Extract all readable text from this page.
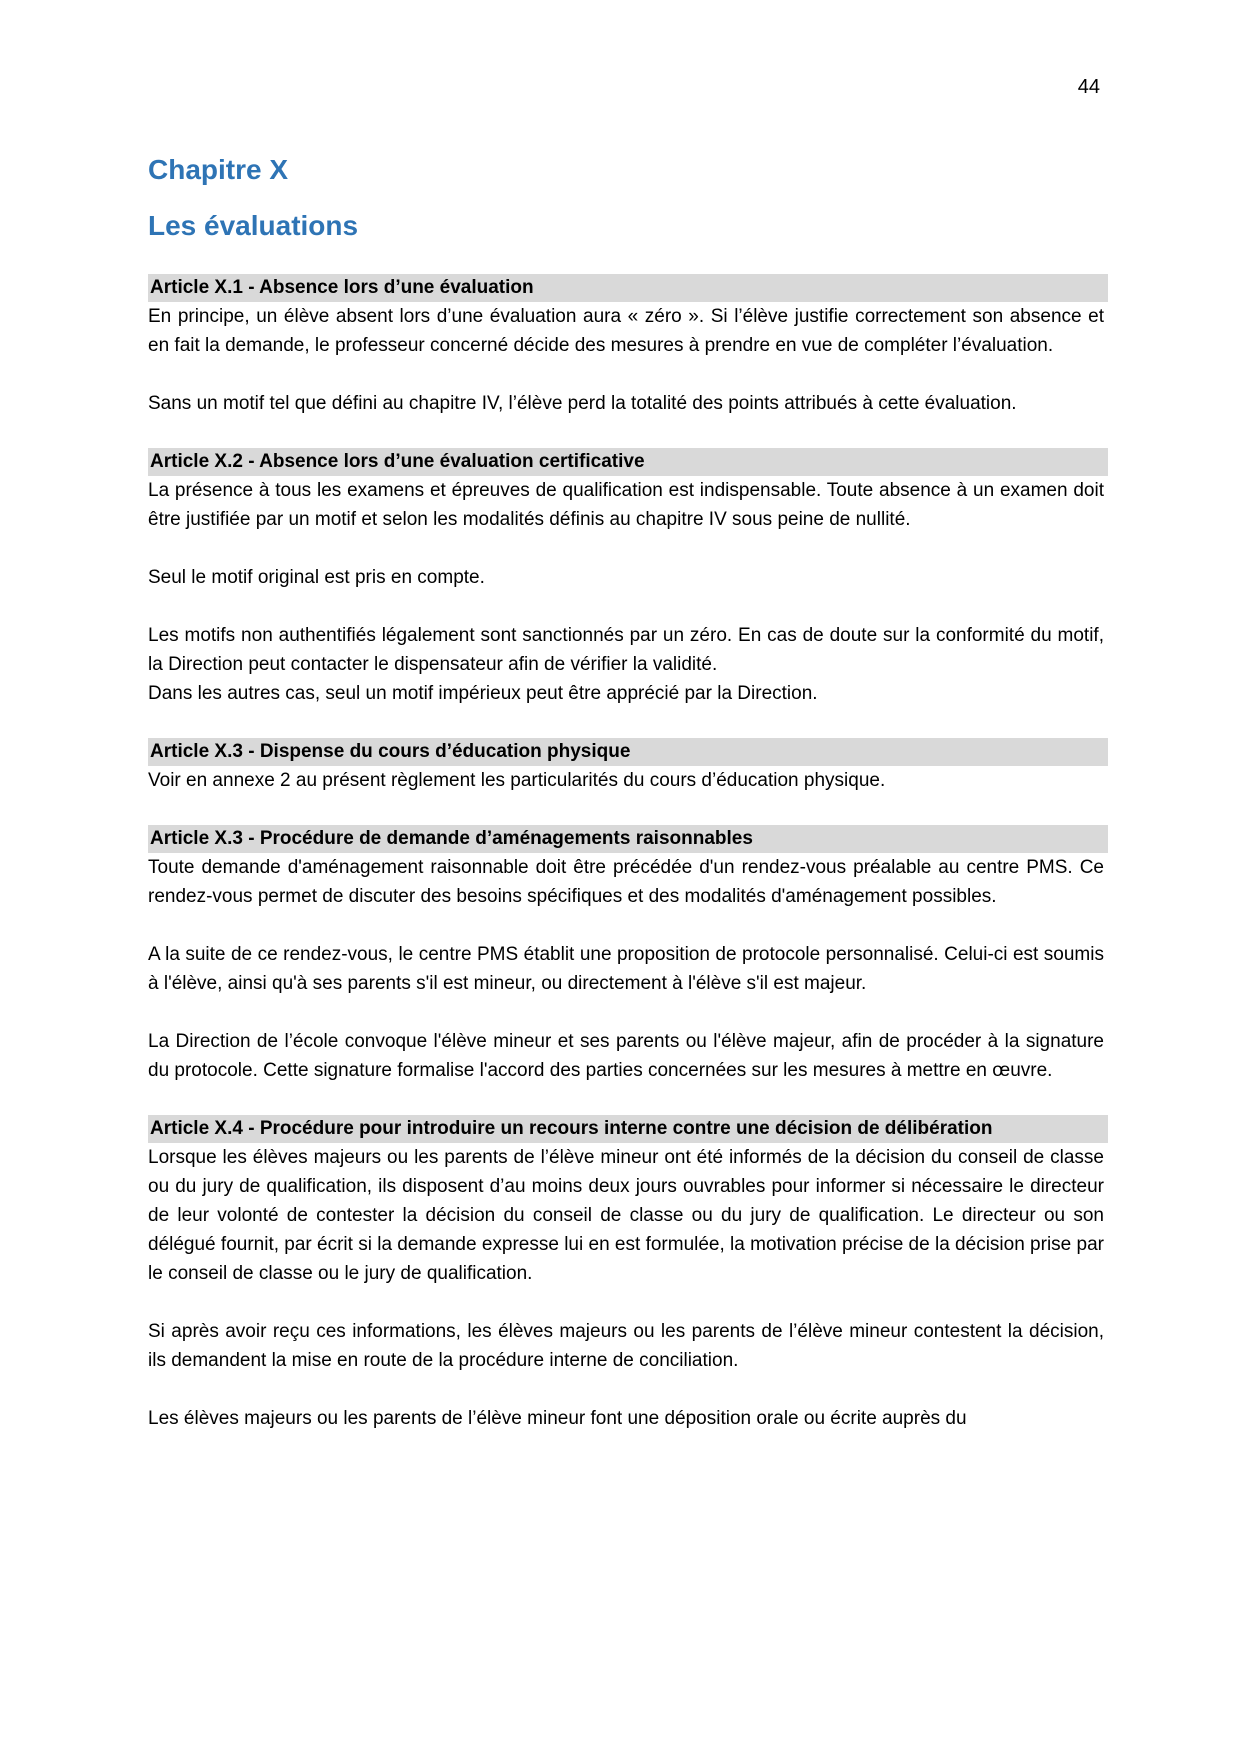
44
Chapitre X
Les évaluations
Article X.1 - Absence lors d’une évaluation

En principe, un élève absent lors d’une évaluation aura « zéro ». Si l’élève justifie correctement son absence et en fait la demande, le professeur concerné décide des mesures à prendre en vue de compléter l’évaluation.

Sans un motif tel que défini au chapitre IV, l’élève perd la totalité des points attribués à cette évaluation.

Article X.2 - Absence lors d’une évaluation certificative

La présence à tous les examens et épreuves de qualification est indispensable. Toute absence à un examen doit être justifiée par un motif et selon les modalités définis au chapitre IV sous peine de nullité.

Seul le motif original est pris en compte.

Les motifs non authentifiés légalement sont sanctionnés par un zéro. En cas de doute sur la conformité du motif, la Direction peut contacter le dispensateur afin de vérifier la validité.

Dans les autres cas, seul un motif impérieux peut être apprécié par la Direction.

Article X.3 - Dispense du cours d’éducation physique

Voir en annexe 2 au présent règlement les particularités du cours d’éducation physique.

Article X.3 - Procédure de demande d’aménagements raisonnables

Toute demande d'aménagement raisonnable doit être précédée d'un rendez-vous préalable au centre PMS. Ce rendez-vous permet de discuter des besoins spécifiques et des modalités d'aménagement possibles.

A la suite de ce rendez-vous, le centre PMS établit une proposition de protocole personnalisé. Celui-ci est soumis à l'élève, ainsi qu'à ses parents s'il est mineur, ou directement à l'élève s'il est majeur.

La Direction de l’école convoque l'élève mineur et ses parents ou l'élève majeur, afin de procéder à la signature du protocole. Cette signature formalise l'accord des parties concernées sur les mesures à mettre en œuvre.

Article X.4 - Procédure pour introduire un recours interne contre une décision de délibération

Lorsque les élèves majeurs ou les parents de l’élève mineur ont été informés de la décision du conseil de classe ou du jury de qualification, ils disposent d’au moins deux jours ouvrables pour informer si nécessaire le directeur de leur volonté de contester la décision du conseil de classe ou du jury de qualification. Le directeur ou son délégué fournit, par écrit si la demande expresse lui en est formulée, la motivation précise de la décision prise par le conseil de classe ou le jury de qualification.

Si après avoir reçu ces informations, les élèves majeurs ou les parents de l’élève mineur contestent la décision, ils demandent la mise en route de la procédure interne de conciliation.

Les élèves majeurs ou les parents de l’élève mineur font une déposition orale ou écrite auprès du
